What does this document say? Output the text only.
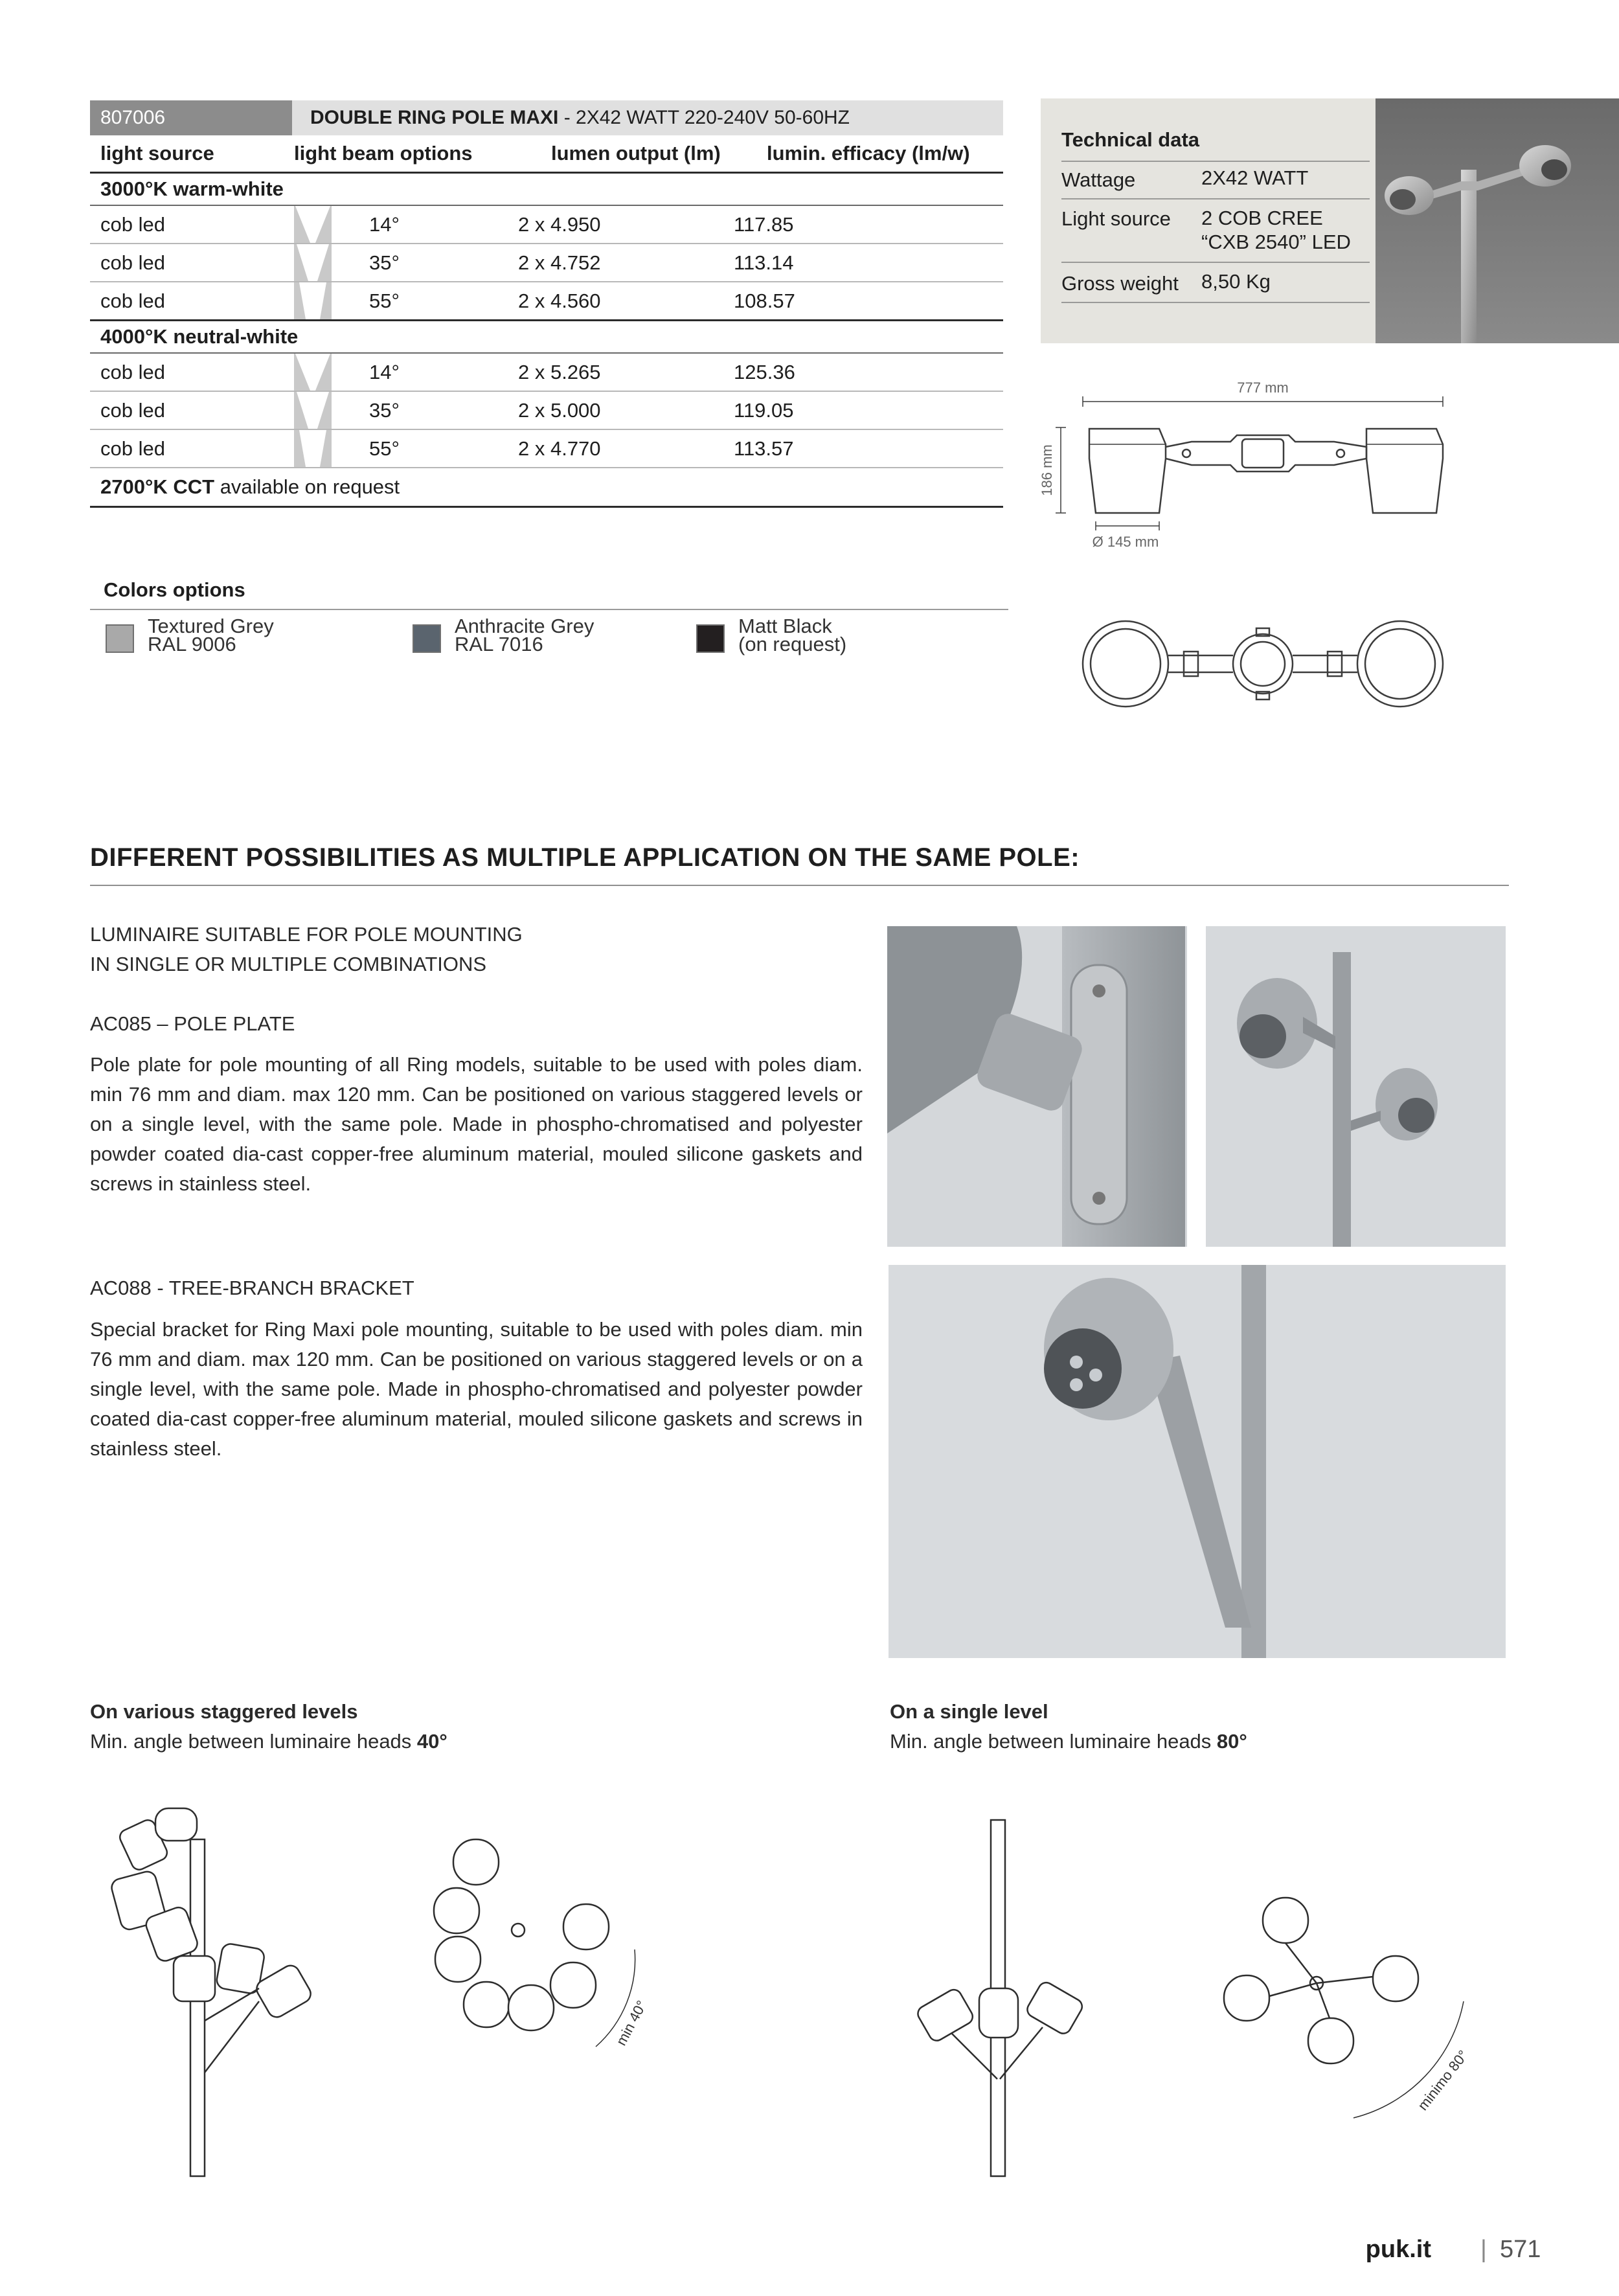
807006	DOUBLE RING POLE MAXI - 2X42 WATT 220-240V 50-60HZ
light source	light beam options	lumen output (lm)	lumin. efficacy (lm/w)
3000°K warm-white
cob led	14°	2 x 4.950	117.85
cob led	35°	2 x 4.752	113.14
cob led	55°	2 x 4.560	108.57
4000°K neutral-white
cob led	14°	2 x 5.265	125.36
cob led	35°	2 x 5.000	119.05
cob led	55°	2 x 4.770	113.57
2700°K CCT available on request
Technical data
Wattage	2X42 WATT
Light source 2 COB CREE
“CXB 2540” LED
Gross weight 8,50 Kg
777 mm
186 mm
Ø 145 mm
Colors options
Textured Grey
RAL 9006
Anthracite Grey
RAL 7016
Matt Black
(on request)
DIFFERENT POSSIBILITIES AS MULTIPLE APPLICATION ON THE SAME POLE:
LUMINAIRE SUITABLE FOR POLE MOUNTING
IN SINGLE OR MULTIPLE COMBINATIONS
AC085 – POLE PLATE
Pole plate for pole mounting of all Ring models, suitable to be used with poles diam. min 76 mm and diam. max 120 mm. Can be positioned on various staggered levels or on a single level, with the same pole. Made in phospho-chromatised and polyester powder coated dia-cast copper-free aluminum material, mouled silicone gaskets and screws in stainless steel.
AC088 - TREE-BRANCH BRACKET
Special bracket for Ring Maxi pole mounting, suitable to be used with poles diam. min 76 mm and diam. max 120 mm. Can be positioned on various staggered levels or on a single level, with the same pole. Made in phospho-chromatised and polyester powder coated dia-cast copper-free aluminum material, mouled silicone gaskets and screws in stainless steel.
On various staggered levels
Min. angle between luminaire heads 40°
On a single level
Min. angle between luminaire heads 80°
min 40°
minimo 80°
puk.it | 571
